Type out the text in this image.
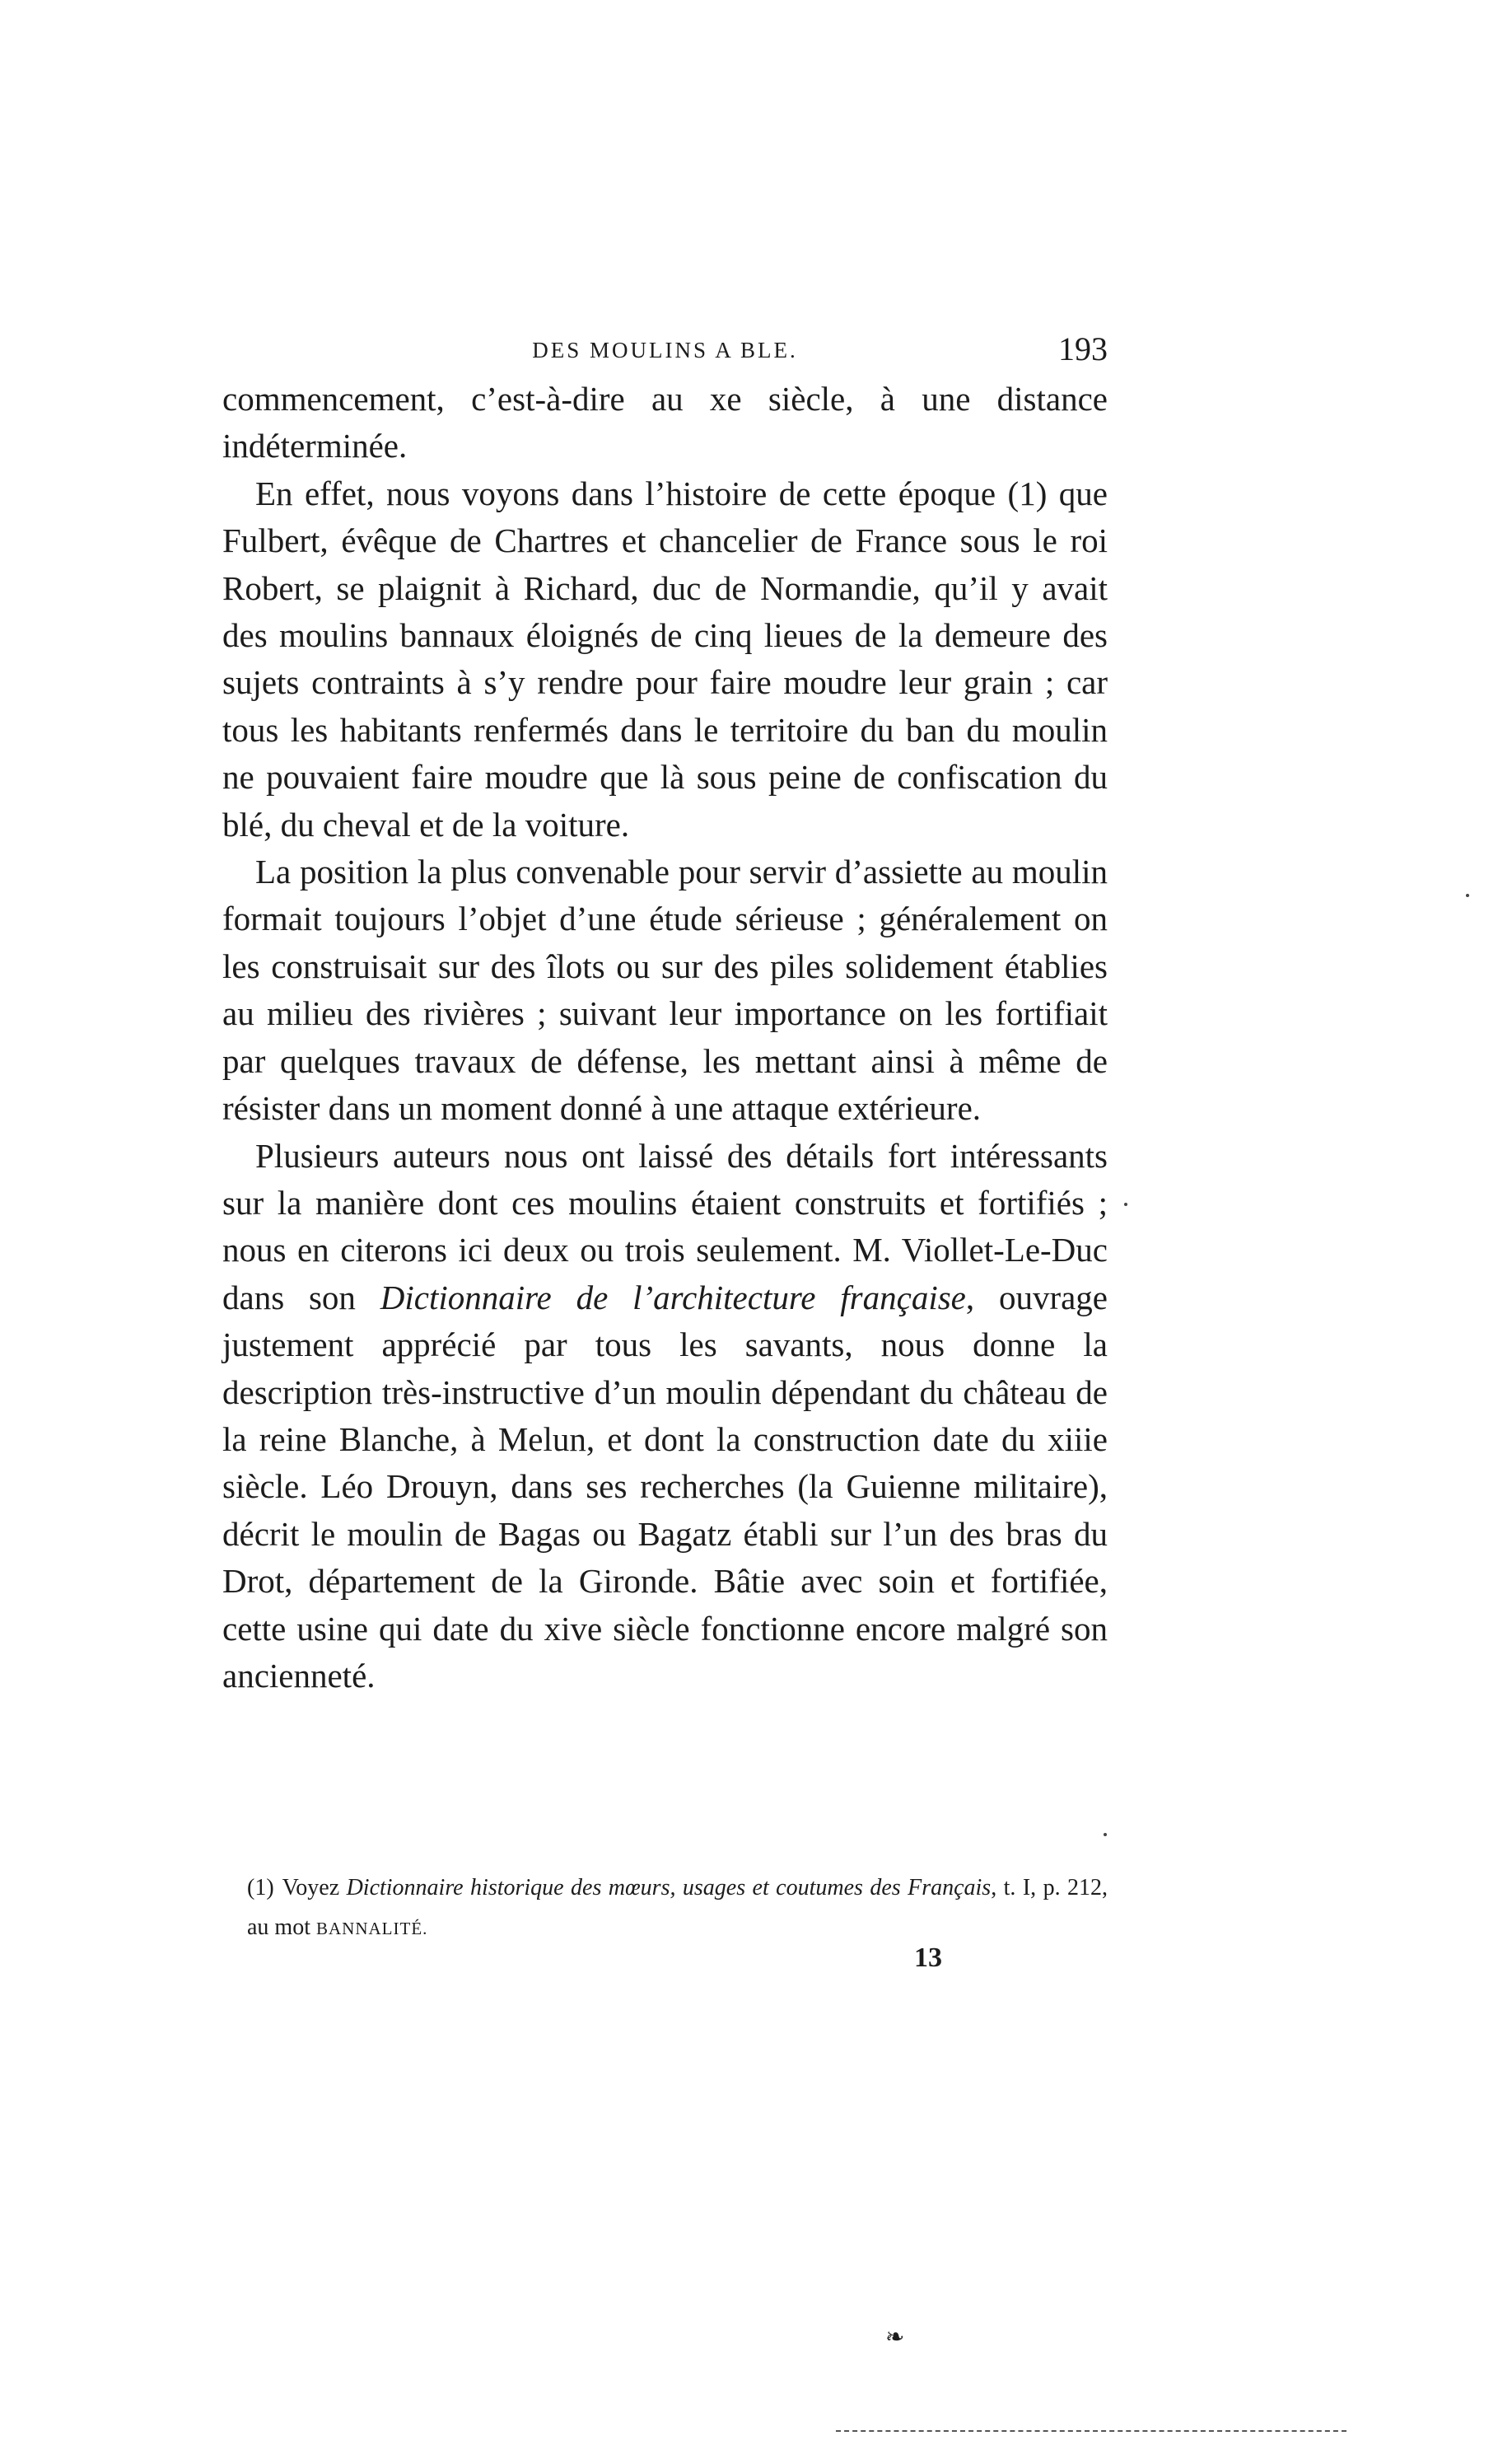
DES MOULINS A BLE.	193

commencement, c’est-à-dire au xe siècle, à une distance indéterminée.

En effet, nous voyons dans l’histoire de cette époque (1) que Fulbert, évêque de Chartres et chancelier de France sous le roi Robert, se plaignit à Richard, duc de Normandie, qu’il y avait des moulins bannaux éloignés de cinq lieues de la demeure des sujets contraints à s’y rendre pour faire moudre leur grain ; car tous les habitants renfermés dans le territoire du ban du moulin ne pouvaient faire moudre que là sous peine de confiscation du blé, du cheval et de la voiture.

La position la plus convenable pour servir d’assiette au moulin formait toujours l’objet d’une étude sérieuse ; généralement on les construisait sur des îlots ou sur des piles solidement établies au milieu des rivières ; suivant leur importance on les fortifiait par quelques travaux de défense, les mettant ainsi à même de résister dans un moment donné à une attaque extérieure.

Plusieurs auteurs nous ont laissé des détails fort intéressants sur la manière dont ces moulins étaient construits et fortifiés ; nous en citerons ici deux ou trois seulement. M. Viollet-Le-Duc dans son Dictionnaire de l’architecture française, ouvrage justement apprécié par tous les savants, nous donne la description très-instructive d’un moulin dépendant du château de la reine Blanche, à Melun, et dont la construction date du xiiie siècle. Léo Drouyn, dans ses recherches (la Guienne militaire), décrit le moulin de Bagas ou Bagatz établi sur l’un des bras du Drot, département de la Gironde. Bâtie avec soin et fortifiée, cette usine qui date du xive siècle fonctionne encore malgré son ancienneté.

(1) Voyez Dictionnaire historique des mœurs, usages et coutumes des Français, t. I, p. 212, au mot BANNALITÉ.
13
❧
